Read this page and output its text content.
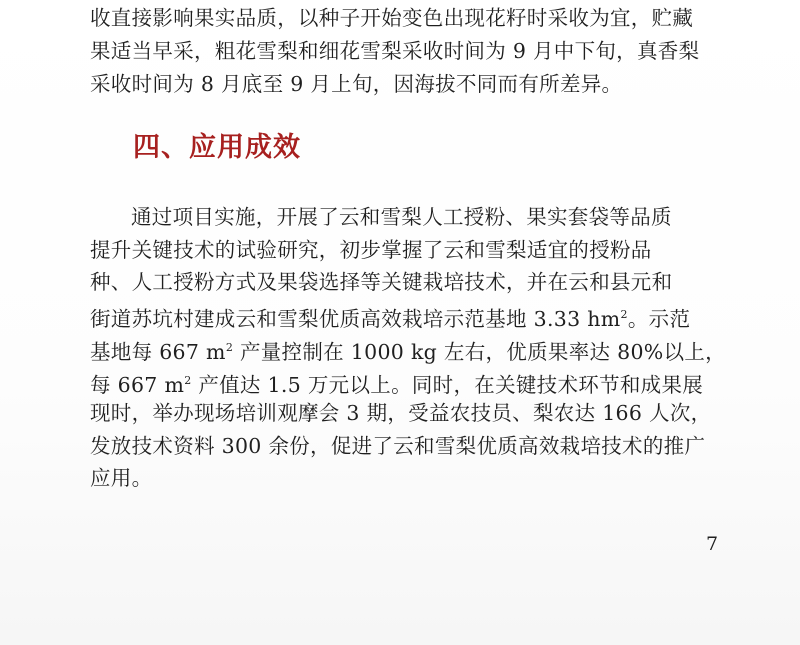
收直接影响果实品质，以种子开始变色出现花籽时采收为宜，贮藏
果适当早采，粗花雪梨和细花雪梨采收时间为 9 月中下旬，真香梨
采收时间为 8 月底至 9 月上旬，因海拔不同而有所差异。
四、应用成效
通过项目实施，开展了云和雪梨人工授粉、果实套袋等品质
提升关键技术的试验研究，初步掌握了云和雪梨适宜的授粉品
种、人工授粉方式及果袋选择等关键栽培技术，并在云和县元和
街道苏坑村建成云和雪梨优质高效栽培示范基地 3.33 $hm^2$。示范
基地每 667 $m^2$ 产量控制在 1000 kg 左右，优质果率达 80%以上，
每 667 $m^2$ 产值达 1.5 万元以上。同时，在关键技术环节和成果展
现时，举办现场培训观摩会 3 期，受益农技员、梨农达 166 人次，
发放技术资料 300 余份，促进了云和雪梨优质高效栽培技术的推广
应用。
7
